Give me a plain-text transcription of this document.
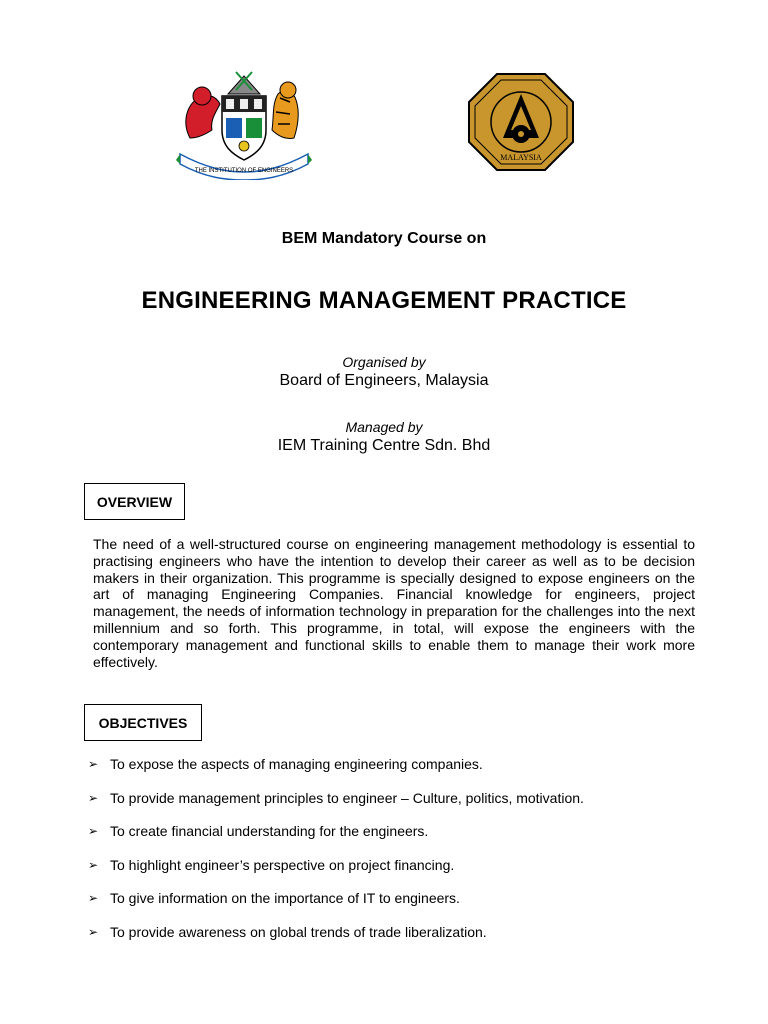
THE INSTITUTION OF ENGINEERS
MALAYSIA
BEM Mandatory Course on
ENGINEERING MANAGEMENT PRACTICE
Organised by
Board of Engineers, Malaysia
Managed by
IEM Training Centre Sdn. Bhd
OVERVIEW
The need of a well-structured course on engineering management methodology is essential to practising engineers who have the intention to develop their career as well as to be decision makers in their organization. This programme is specially designed to expose engineers on the art of managing Engineering Companies. Financial knowledge for engineers, project management, the needs of information technology in preparation for the challenges into the next millennium and so forth. This programme, in total, will expose the engineers with the contemporary management and functional skills to enable them to manage their work more effectively.
OBJECTIVES
➢ To expose the aspects of managing engineering companies.
➢ To provide management principles to engineer – Culture, politics, motivation.
➢ To create financial understanding for the engineers.
➢ To highlight engineer’s perspective on project financing.
➢ To give information on the importance of IT to engineers.
➢ To provide awareness on global trends of trade liberalization.
